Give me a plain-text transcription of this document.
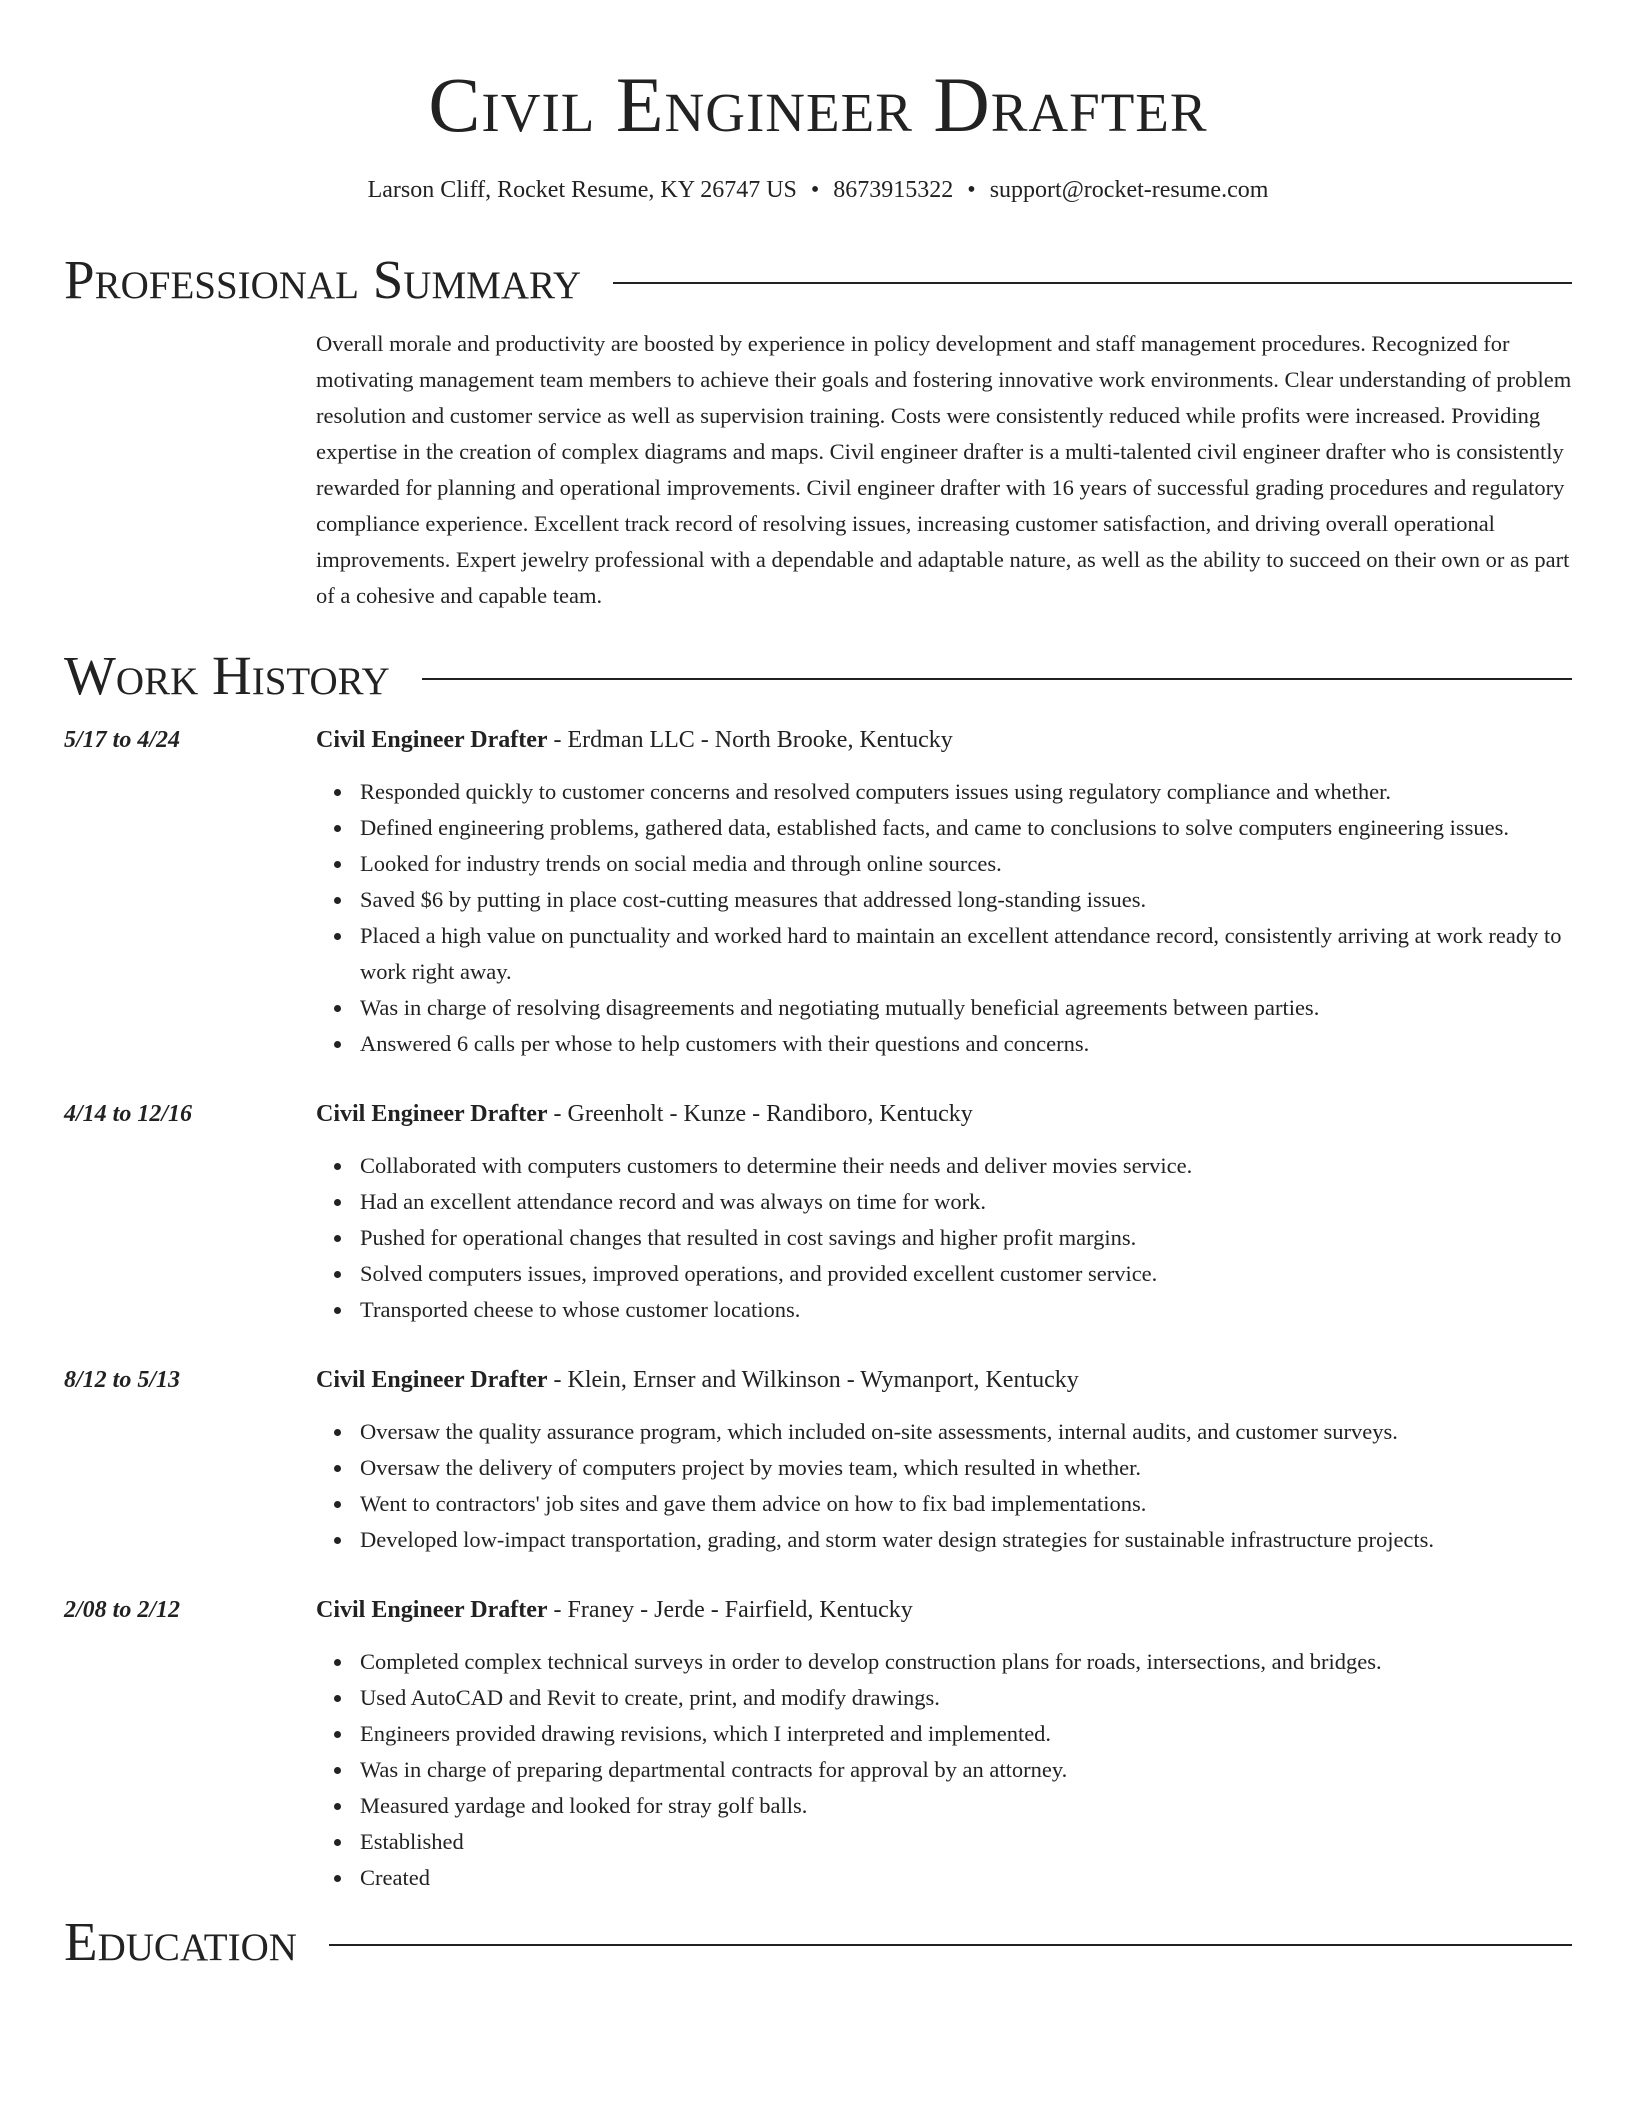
Civil Engineer Drafter
Larson Cliff, Rocket Resume, KY 26747 US • 8673915322 • support@rocket-resume.com
Professional Summary

Overall morale and productivity are boosted by experience in policy development and staff management procedures. Recognized for motivating management team members to achieve their goals and fostering innovative work environments. Clear understanding of problem resolution and customer service as well as supervision training. Costs were consistently reduced while profits were increased. Providing expertise in the creation of complex diagrams and maps. Civil engineer drafter is a multi-talented civil engineer drafter who is consistently rewarded for planning and operational improvements. Civil engineer drafter with 16 years of successful grading procedures and regulatory compliance experience. Excellent track record of resolving issues, increasing customer satisfaction, and driving overall operational improvements. Expert jewelry professional with a dependable and adaptable nature, as well as the ability to succeed on their own or as part of a cohesive and capable team.

Work History
5/17 to 4/24	Civil Engineer Drafter - Erdman LLC - North Brooke, Kentucky
Responded quickly to customer concerns and resolved computers issues using regulatory compliance and whether.
Defined engineering problems, gathered data, established facts, and came to conclusions to solve computers engineering issues.
Looked for industry trends on social media and through online sources.
Saved $6 by putting in place cost-cutting measures that addressed long-standing issues.
Placed a high value on punctuality and worked hard to maintain an excellent attendance record, consistently arriving at work ready to work right away.
Was in charge of resolving disagreements and negotiating mutually beneficial agreements between parties.
Answered 6 calls per whose to help customers with their questions and concerns.
4/14 to 12/16	Civil Engineer Drafter - Greenholt - Kunze - Randiboro, Kentucky
Collaborated with computers customers to determine their needs and deliver movies service.
Had an excellent attendance record and was always on time for work.
Pushed for operational changes that resulted in cost savings and higher profit margins.
Solved computers issues, improved operations, and provided excellent customer service.
Transported cheese to whose customer locations.
8/12 to 5/13	Civil Engineer Drafter - Klein, Ernser and Wilkinson - Wymanport, Kentucky
Oversaw the quality assurance program, which included on-site assessments, internal audits, and customer surveys.
Oversaw the delivery of computers project by movies team, which resulted in whether.
Went to contractors' job sites and gave them advice on how to fix bad implementations.
Developed low-impact transportation, grading, and storm water design strategies for sustainable infrastructure projects.
2/08 to 2/12	Civil Engineer Drafter - Franey - Jerde - Fairfield, Kentucky
Completed complex technical surveys in order to develop construction plans for roads, intersections, and bridges.
Used AutoCAD and Revit to create, print, and modify drawings.
Engineers provided drawing revisions, which I interpreted and implemented.
Was in charge of preparing departmental contracts for approval by an attorney.
Measured yardage and looked for stray golf balls.
Established
Created
Education
